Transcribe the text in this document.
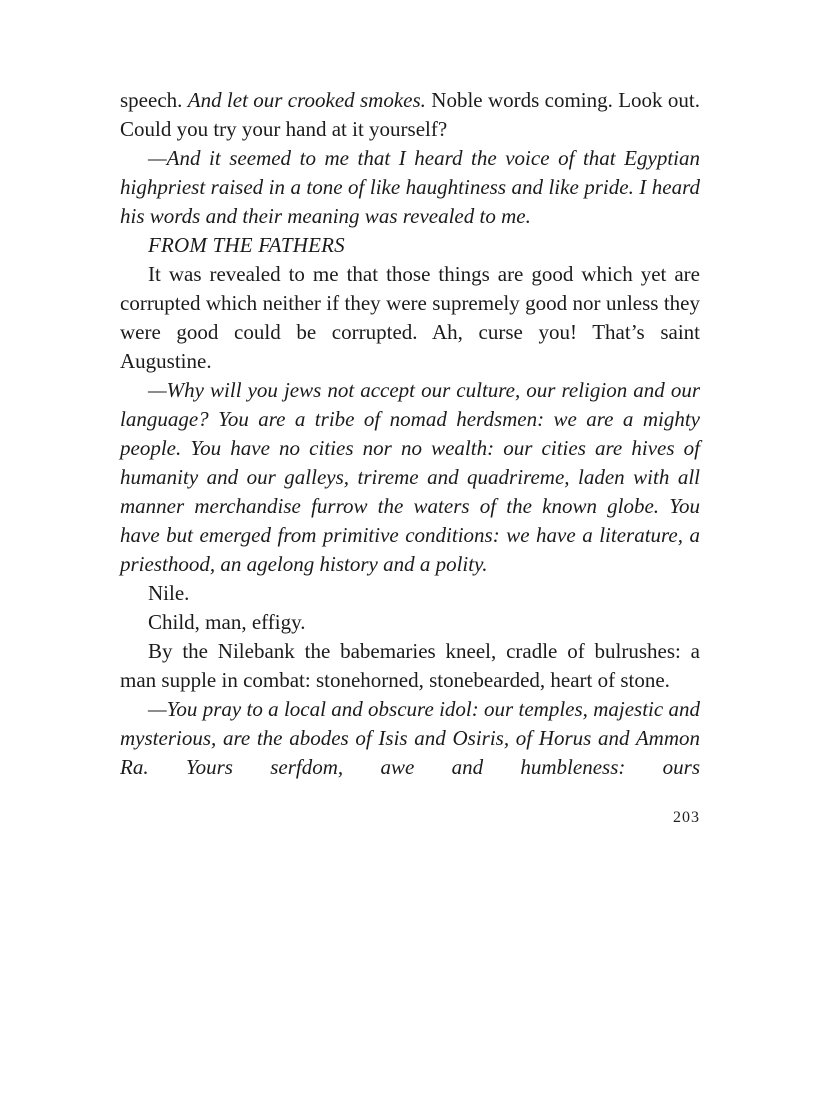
speech. And let our crooked smokes. Noble words coming. Look out. Could you try your hand at it yourself?

—And it seemed to me that I heard the voice of that Egyptian highpriest raised in a tone of like haughtiness and like pride. I heard his words and their meaning was revealed to me.

FROM THE FATHERS

It was revealed to me that those things are good which yet are corrupted which neither if they were supremely good nor unless they were good could be corrupted. Ah, curse you! That’s saint Augustine.

—Why will you jews not accept our culture, our religion and our language? You are a tribe of nomad herdsmen: we are a mighty people. You have no cities nor no wealth: our cities are hives of humanity and our galleys, trireme and quadrireme, laden with all manner merchandise furrow the waters of the known globe. You have but emerged from primitive conditions: we have a literature, a priesthood, an agelong history and a polity.

Nile.

Child, man, effigy.

By the Nilebank the babemaries kneel, cradle of bulrushes: a man supple in combat: stonehorned, stonebearded, heart of stone.

—You pray to a local and obscure idol: our temples, majestic and mysterious, are the abodes of Isis and Osiris, of Horus and Ammon Ra. Yours serfdom, awe and humbleness: ours

203
